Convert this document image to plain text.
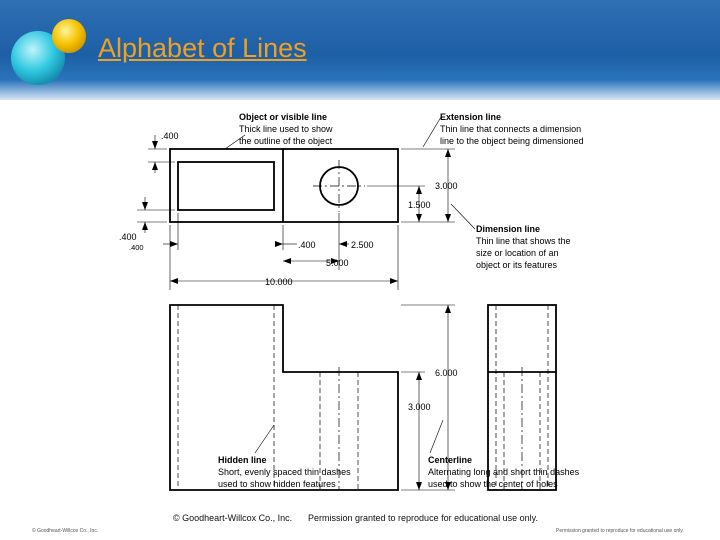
Alphabet of Lines
.400
.400
.400	.400	2.500
5.000
10.000
3.000
1.500
6.000
3.000
Object or visible line
Thick line used to show
the outline of the object
Extension line
Thin line that connects a dimension
line to the object being dimensioned
Dimension line
Thin line that shows the
size or location of an
object or its features
Hidden line
Short, evenly spaced thin dashes
used to show hidden features
Centerline
Alternating long and short thin dashes
used to show the center of holes
© Goodheart-Willcox Co., Inc. Permission granted to reproduce for educational use only.
© Goodheart-Willcox Co., Inc.	Permission granted to reproduce for educational use only.
